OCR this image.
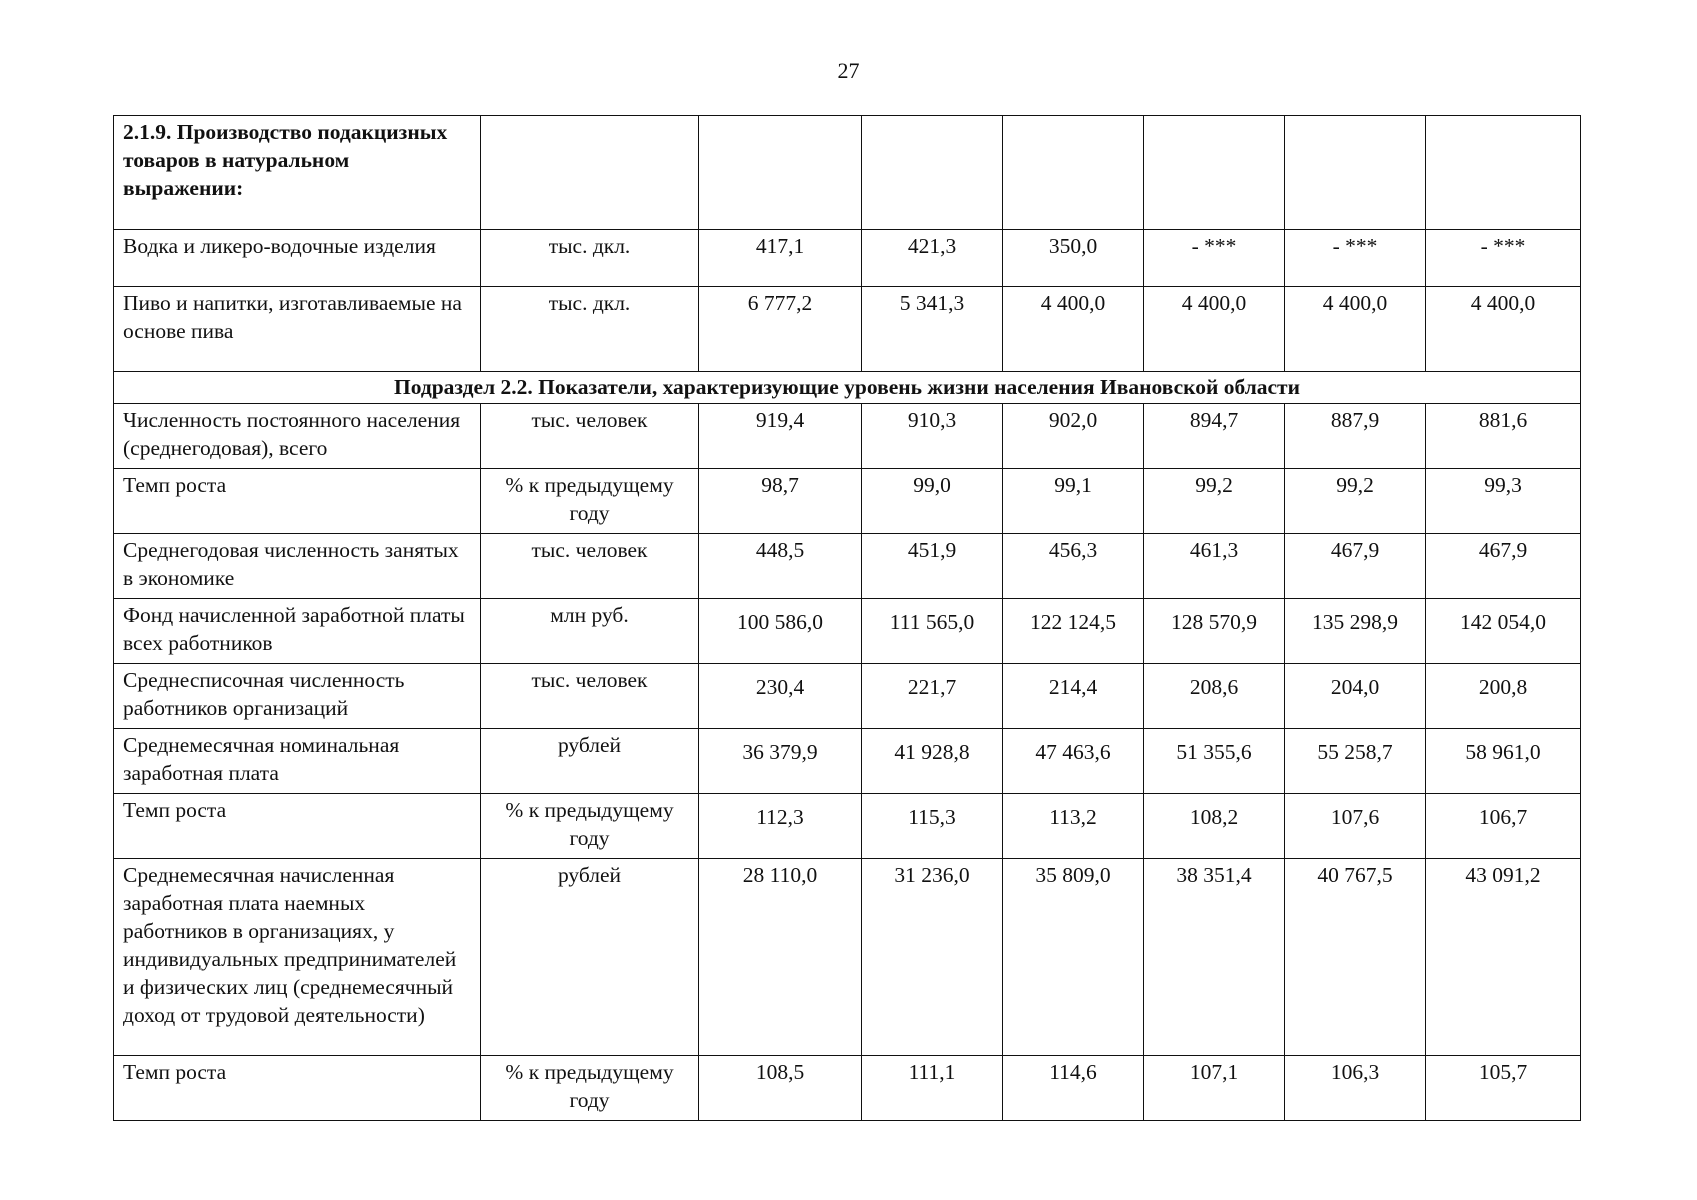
27
2.1.9. Производство подакцизных товаров в натуральном выражении:							
Водка и ликеро-водочные изделия	тыс. дкл.	417,1	421,3	350,0	- ***	- ***	- ***
Пиво и напитки, изготавливаемые на основе пива	тыс. дкл.	6 777,2	5 341,3	4 400,0	4 400,0	4 400,0	4 400,0
Подраздел 2.2. Показатели, характеризующие уровень жизни населения Ивановской области							
Численность постоянного населения (среднегодовая), всего	тыс. человек	919,4	910,3	902,0	894,7	887,9	881,6
Темп роста	% к предыдущему году	98,7	99,0	99,1	99,2	99,2	99,3
Среднегодовая численность занятых в экономике	тыс. человек	448,5	451,9	456,3	461,3	467,9	467,9
Фонд начисленной заработной платы всех работников	млн руб.	100 586,0	111 565,0	122 124,5	128 570,9	135 298,9	142 054,0
Среднесписочная численность работников организаций	тыс. человек	230,4	221,7	214,4	208,6	204,0	200,8
Среднемесячная номинальная заработная плата	рублей	36 379,9	41 928,8	47 463,6	51 355,6	55 258,7	58 961,0
Темп роста	% к предыдущему году	112,3	115,3	113,2	108,2	107,6	106,7
Среднемесячная начисленная заработная плата наемных работников в организациях, у индивидуальных предпринимателей и физических лиц (среднемесячный доход от трудовой деятельности)	рублей	28 110,0	31 236,0	35 809,0	38 351,4	40 767,5	43 091,2
Темп роста	% к предыдущему году	108,5	111,1	114,6	107,1	106,3	105,7
